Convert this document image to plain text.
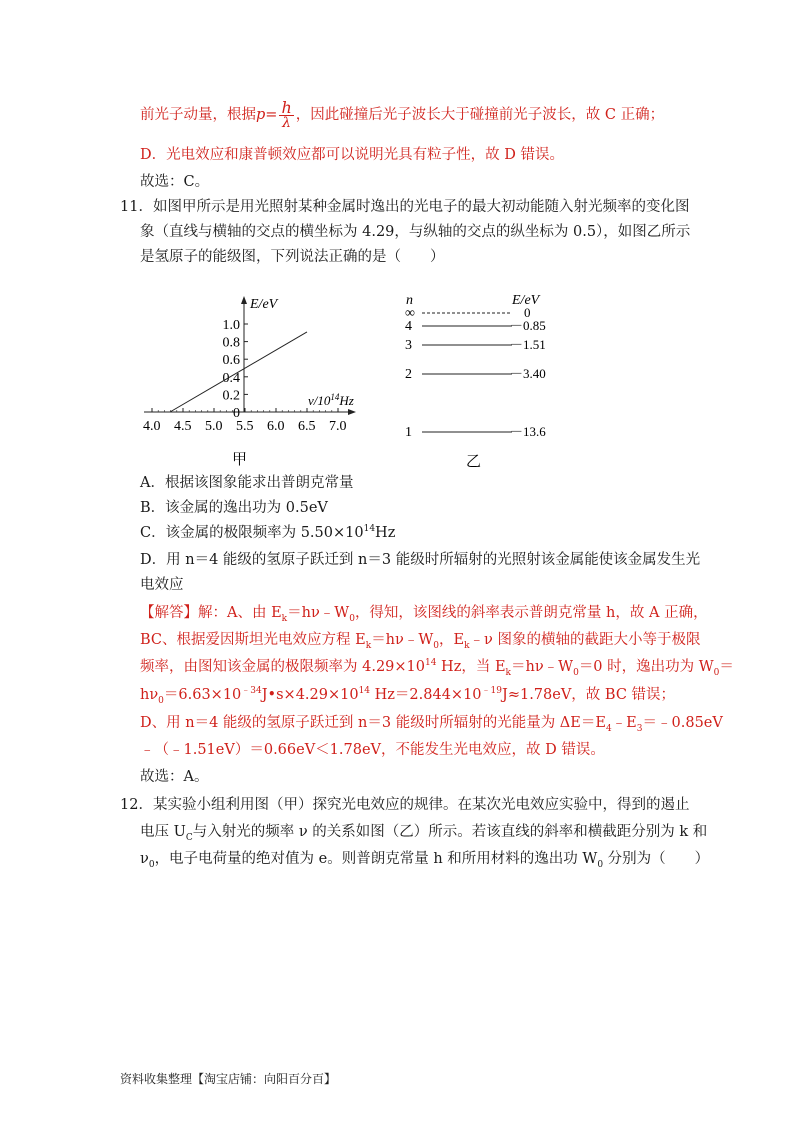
前光子动量，根据$p= \frac{h}{\lambda}$ ，因此碰撞后光子波长大于碰撞前光子波长，故 C 正确；
D．光电效应和康普顿效应都可以说明光具有粒子性，故 D 错误。
故选：C。
11．如图甲所示是用光照射某种金属时逸出的光电子的最大初动能随入射光频率的变化图
象（直线与横轴的交点的横坐标为 4.29，与纵轴的交点的纵坐标为 0.5），如图乙所示
是氢原子的能级图，下列说法正确的是（　　）
E/eV
$\nu/10^{14}Hz$
4.0 4.5 5.0 5.5 6.0 6.5 7.0
1.0
0.8
0.6
0.4
0.2
0
甲
n	E/eV
∞	0
4	－0.85
3	－1.51
2	－3.40
1	－13.6
乙
A．根据该图象能求出普朗克常量
B．该金属的逸出功为 0.5eV
C．该金属的极限频率为 $5.50\times 10^{14}Hz$
D．用 n＝4 能级的氢原子跃迁到 n＝3 能级时所辐射的光照射该金属能使该金属发生光
电效应
【解答】解：A、由 $E_k=h\nu﹣W_0$，得知，该图线的斜率表示普朗克常量 h，故 A 正确，
BC、根据爱因斯坦光电效应方程 $E_k=h\nu﹣W_0$，$E_k﹣\nu$ 图象的横轴的截距大小等于极限
频率，由图知该金属的极限频率为 $4.29\times 10^{14}$ Hz，当 $E_k=h\nu﹣W_0=0$ 时，逸出功为 $W_0=$
$h\nu_0=6.63\times 10^{﹣34}J•s\times 4.29\times 10^{14}$ $Hz=2.844\times 10^{﹣19}J\approx 1.78eV$，故 BC 错误；
D、用 n＝4 能级的氢原子跃迁到 n＝3 能级时所辐射的光能量为 $\Delta E=E_4﹣E_3=﹣0.85eV$
﹣（﹣1.51eV）＝0.66eV＜1.78eV，不能发生光电效应，故 D 错误。
故选：A。
12．某实验小组利用图（甲）探究光电效应的规律。在某次光电效应实验中，得到的遏止
电压 $U_C$与入射光的频率 ν 的关系如图（乙）所示。若该直线的斜率和横截距分别为 k 和
$\nu_0$，电子电荷量的绝对值为 e。则普朗克常量 h 和所用材料的逸出功 $W_0$ 分别为（　　）
资料收集整理【淘宝店铺：向阳百分百】
